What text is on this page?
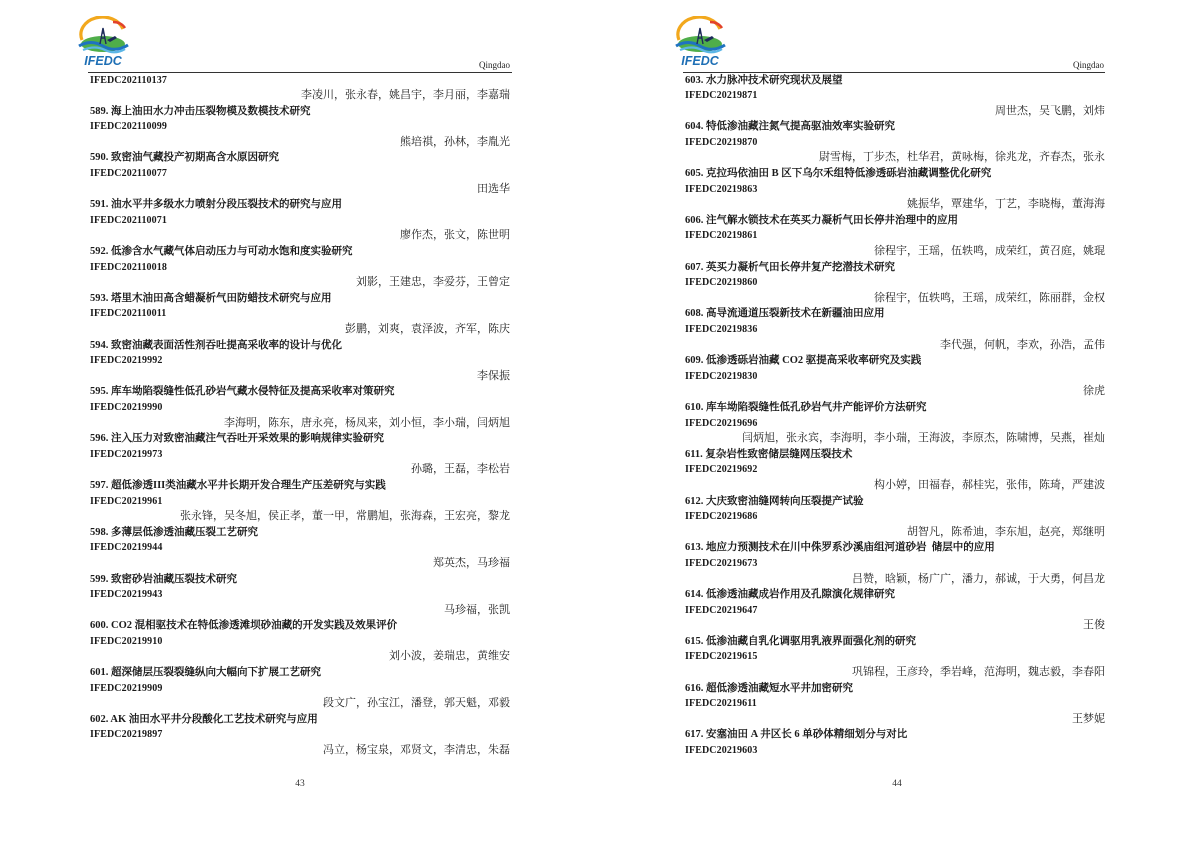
IFEDC	Qingdao
IFEDC202110137
李凌川，张永春，姚昌宇，李月丽，李嘉瑞
589. 海上油田水力冲击压裂物模及数模技术研究
IFEDC202110099
熊培祺，孙林，李胤光
590. 致密油气藏投产初期高含水原因研究
IFEDC202110077
田选华
591. 油水平井多级水力喷射分段压裂技术的研究与应用
IFEDC202110071
廖作杰，张文，陈世明
592. 低渗含水气藏气体启动压力与可动水饱和度实验研究
IFEDC202110018
刘影，王建忠，李爱芬，王曾定
593. 塔里木油田高含蜡凝析气田防蜡技术研究与应用
IFEDC202110011
彭鹏，刘爽，袁泽波，齐军，陈庆
594. 致密油藏表面活性剂吞吐提高采收率的设计与优化
IFEDC20219992
李保振
595. 库车坳陷裂缝性低孔砂岩气藏水侵特征及提高采收率对策研究
IFEDC20219990
李海明，陈东，唐永亮，杨凤来，刘小恒，李小瑞，闫炳旭
596. 注入压力对致密油藏注气吞吐开采效果的影响规律实验研究
IFEDC20219973
孙璐，王磊，李松岩
597. 超低渗透III类油藏水平井长期开发合理生产压差研究与实践
IFEDC20219961
张永锋，吴冬旭，侯正孝，董一甲，常鹏旭，张海森，王宏亮，黎龙
598. 多薄层低渗透油藏压裂工艺研究
IFEDC20219944
郑英杰，马珍福
599. 致密砂岩油藏压裂技术研究
IFEDC20219943
马珍福，张凯
600. CO2 混相驱技术在特低渗透滩坝砂油藏的开发实践及效果评价
IFEDC20219910
刘小波，姜瑞忠，黄维安
601. 超深储层压裂裂缝纵向大幅向下扩展工艺研究
IFEDC20219909
段文广，孙宝江，潘登，郭天魁，邓毅
602. AK 油田水平井分段酸化工艺技术研究与应用
IFEDC20219897
冯立，杨宝泉，邓贤文，李清忠，朱磊
43
IFEDC	Qingdao
603. 水力脉冲技术研究现状及展望
IFEDC20219871
周世杰，吴飞鹏，刘炜
604. 特低渗油藏注氮气提高驱油效率实验研究
IFEDC20219870
尉雪梅，丁步杰，杜华君，黄咏梅，徐兆龙，齐春杰，张永
605. 克拉玛依油田 B 区下乌尔禾组特低渗透砾岩油藏调整优化研究
IFEDC20219863
姚振华，覃建华，丁艺，李晓梅，董海海
606. 注气解水锁技术在英买力凝析气田长停井治理中的应用
IFEDC20219861
徐程宇，王瑶，伍轶鸣，成荣红，黄召庭，姚琨
607. 英买力凝析气田长停井复产挖潜技术研究
IFEDC20219860
徐程宇，伍轶鸣，王瑶，成荣红，陈丽群，金权
608. 高导流通道压裂新技术在新疆油田应用
IFEDC20219836
李代强，何帆，李欢，孙浩，孟伟
609. 低渗透砾岩油藏 CO2 驱提高采收率研究及实践
IFEDC20219830
徐虎
610. 库车坳陷裂缝性低孔砂岩气井产能评价方法研究
IFEDC20219696
闫炳旭，张永宾，李海明，李小瑞，王海波，李原杰，陈啸博，吴燕，崔灿
611. 复杂岩性致密储层缝网压裂技术
IFEDC20219692
构小婷，田福春，郝桂宪，张伟，陈琦，严建波
612. 大庆致密油缝网转向压裂提产试验
IFEDC20219686
胡智凡，陈希迪，李东旭，赵亮，郑继明
613. 地应力预测技术在川中侏罗系沙溪庙组河道砂岩  储层中的应用
IFEDC20219673
吕赞，晗颖，杨广广，潘力，郝诚，于大勇，何昌龙
614. 低渗透油藏成岩作用及孔隙演化规律研究
IFEDC20219647
王俊
615. 低渗油藏自乳化调驱用乳液界面强化剂的研究
IFEDC20219615
巩锦程，王彦玲，季岩峰，范海明，魏志毅，李春阳
616. 超低渗透油藏短水平井加密研究
IFEDC20219611
王梦妮
617. 安塞油田 A 井区长 6 单砂体精细划分与对比
IFEDC20219603
44
